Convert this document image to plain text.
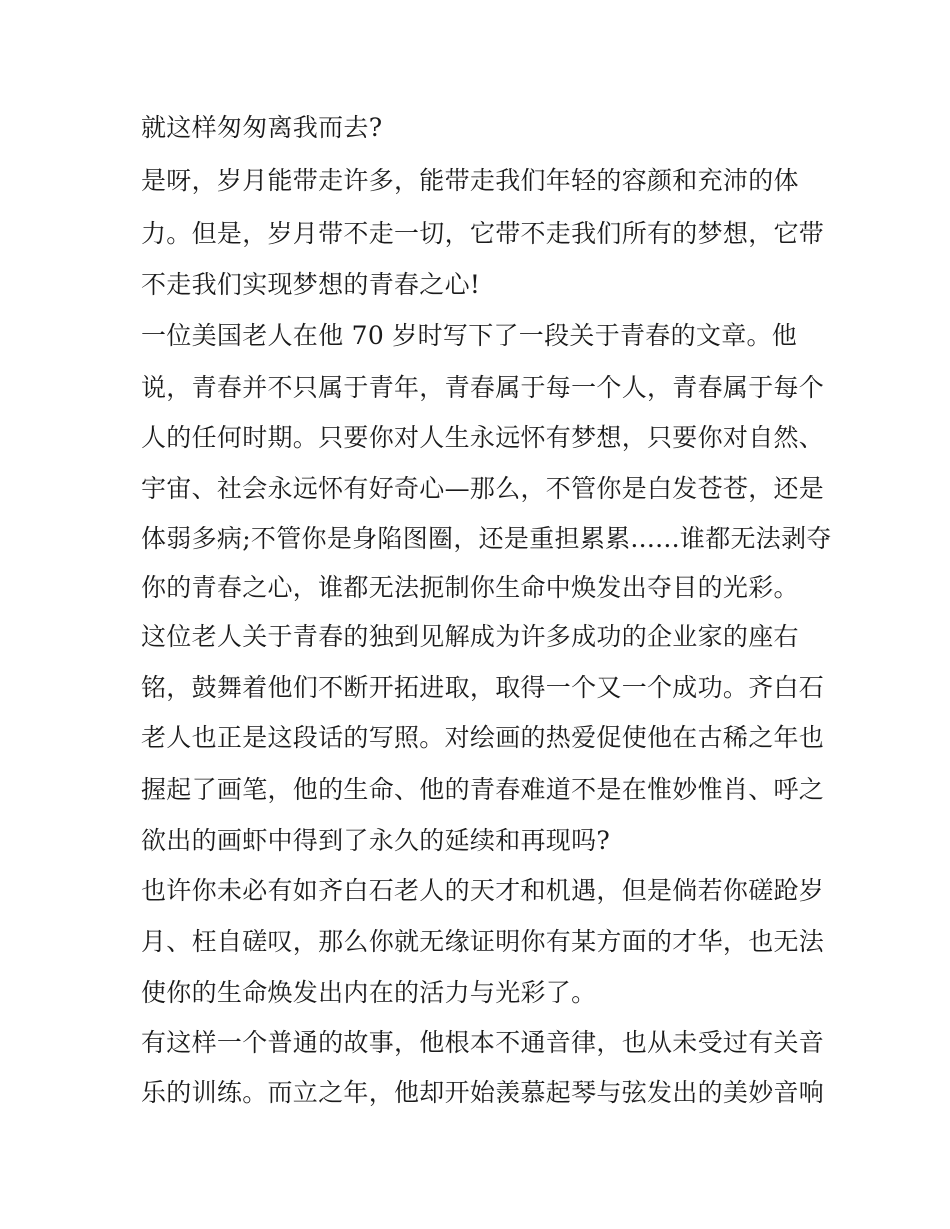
就这样匆匆离我而去?
是呀，岁月能带走许多，能带走我们年轻的容颜和充沛的体
力。但是，岁月带不走一切，它带不走我们所有的梦想，它带
不走我们实现梦想的青春之心!
一位美国老人在他 70 岁时写下了一段关于青春的文章。他
说，青春并不只属于青年，青春属于每一个人，青春属于每个
人的任何时期。只要你对人生永远怀有梦想，只要你对自然、
宇宙、社会永远怀有好奇心—那么，不管你是白发苍苍，还是
体弱多病;不管你是身陷图圈，还是重担累累......谁都无法剥夺
你的青春之心，谁都无法扼制你生命中焕发出夺目的光彩。
这位老人关于青春的独到见解成为许多成功的企业家的座右
铭，鼓舞着他们不断开拓进取，取得一个又一个成功。齐白石
老人也正是这段话的写照。对绘画的热爱促使他在古稀之年也
握起了画笔，他的生命、他的青春难道不是在惟妙惟肖、呼之
欲出的画虾中得到了永久的延续和再现吗?
也许你未必有如齐白石老人的天才和机遇，但是倘若你磋跄岁
月、枉自磋叹，那么你就无缘证明你有某方面的才华，也无法
使你的生命焕发出内在的活力与光彩了。
有这样一个普通的故事，他根本不通音律，也从未受过有关音
乐的训练。而立之年，他却开始羡慕起琴与弦发出的美妙音响
